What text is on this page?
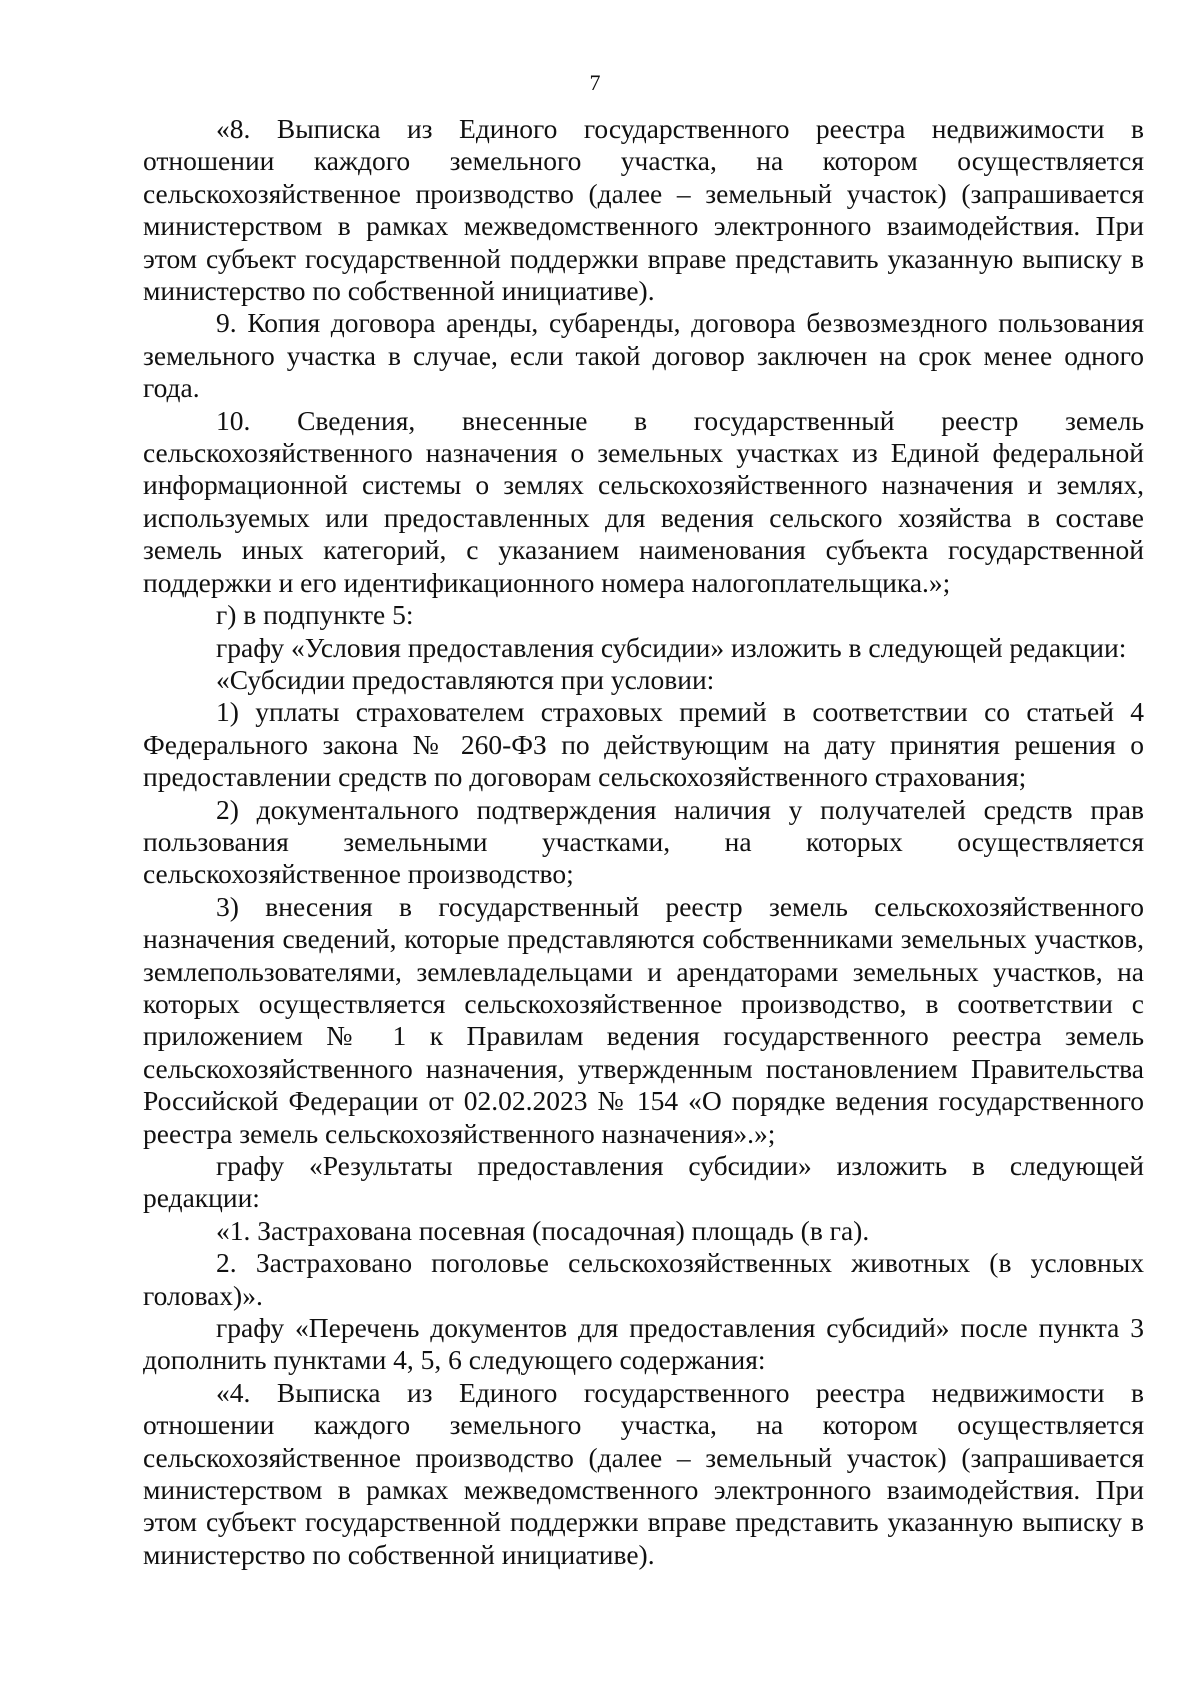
7

«8. Выписка из Единого государственного реестра недвижимости в отношении каждого земельного участка, на котором осуществляется сельскохозяйственное производство (далее – земельный участок) (запрашивается министерством в рамках межведомственного электронного взаимодействия. При этом субъект государственной поддержки вправе представить указанную выписку в министерство по собственной инициативе).

9. Копия договора аренды, субаренды, договора безвозмездного пользования земельного участка в случае, если такой договор заключен на срок менее одного года.

10. Сведения, внесенные в государственный реестр земель сельскохозяйственного назначения о земельных участках из Единой федеральной информационной системы о землях сельскохозяйственного назначения и землях, используемых или предоставленных для ведения сельского хозяйства в составе земель иных категорий, с указанием наименования субъекта государственной поддержки и его идентификационного номера налогоплательщика.»;

г) в подпункте 5:

графу «Условия предоставления субсидии» изложить в следующей редакции:

«Субсидии предоставляются при условии:

1) уплаты страхователем страховых премий в соответствии со статьей 4 Федерального закона № 260-ФЗ по действующим на дату принятия решения о предоставлении средств по договорам сельскохозяйственного страхования;

2) документального подтверждения наличия у получателей средств прав пользования земельными участками, на которых осуществляется сельскохозяйственное производство;

3) внесения в государственный реестр земель сельскохозяйственного назначения сведений, которые представляются собственниками земельных участков, землепользователями, землевладельцами и арендаторами земельных участков, на которых осуществляется сельскохозяйственное производство, в соответствии с приложением № 1 к Правилам ведения государственного реестра земель сельскохозяйственного назначения, утвержденным постановлением Правительства Российской Федерации от 02.02.2023 № 154 «О порядке ведения государственного реестра земель сельскохозяйственного назначения».»;

графу «Результаты предоставления субсидии» изложить в следующей редакции:

«1. Застрахована посевная (посадочная) площадь (в га).

2. Застраховано поголовье сельскохозяйственных животных (в условных головах)».

графу «Перечень документов для предоставления субсидий» после пункта 3 дополнить пунктами 4, 5, 6 следующего содержания:

«4. Выписка из Единого государственного реестра недвижимости в отношении каждого земельного участка, на котором осуществляется сельскохозяйственное производство (далее – земельный участок) (запрашивается министерством в рамках межведомственного электронного взаимодействия. При этом субъект государственной поддержки вправе представить указанную выписку в министерство по собственной инициативе).
